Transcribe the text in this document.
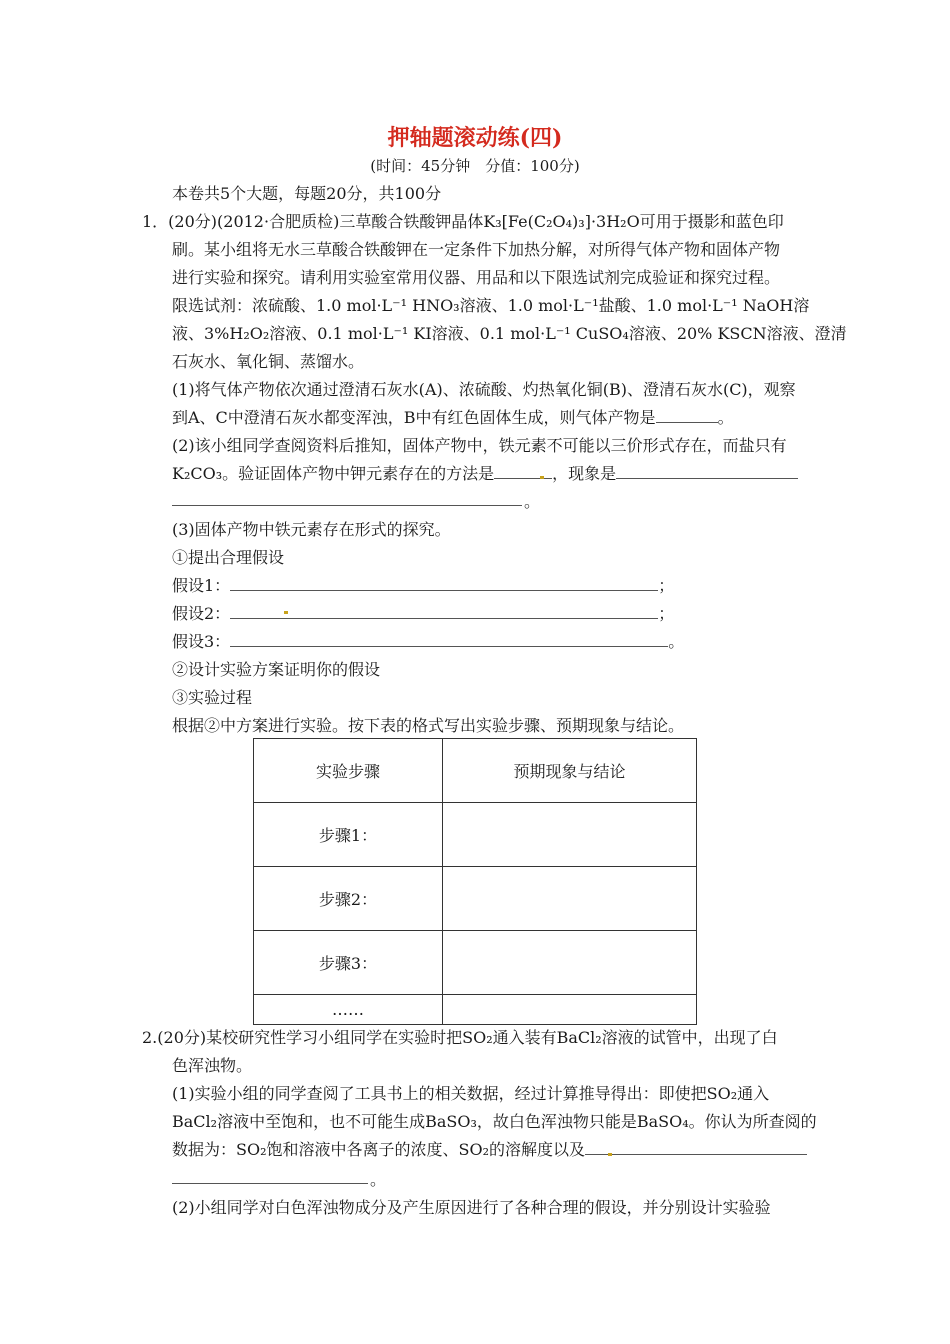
押轴题滚动练(四)
(时间：45分钟　分值：100分)
本卷共5个大题，每题20分，共100分
1．(20分)(2012·合肥质检)三草酸合铁酸钾晶体K₃[Fe(C₂O₄)₃]·3H₂O可用于摄影和蓝色印
刷。某小组将无水三草酸合铁酸钾在一定条件下加热分解，对所得气体产物和固体产物
进行实验和探究。请利用实验室常用仪器、用品和以下限选试剂完成验证和探究过程。
限选试剂：浓硫酸、1.0 mol·L⁻¹ HNO₃溶液、1.0 mol·L⁻¹盐酸、1.0 mol·L⁻¹ NaOH溶
液、3%H₂O₂溶液、0.1 mol·L⁻¹ KI溶液、0.1 mol·L⁻¹ CuSO₄溶液、20% KSCN溶液、澄清
石灰水、氧化铜、蒸馏水。
(1)将气体产物依次通过澄清石灰水(A)、浓硫酸、灼热氧化铜(B)、澄清石灰水(C)，观察
到A、C中澄清石灰水都变浑浊，B中有红色固体生成，则气体产物是	。
(2)该小组同学查阅资料后推知，固体产物中，铁元素不可能以三价形式存在，而盐只有
K₂CO₃。验证固体产物中钾元素存在的方法是	，现象是
。
(3)固体产物中铁元素存在形式的探究。
①提出合理假设
假设1：	；
假设2：	；
假设3：	。
②设计实验方案证明你的假设
③实验过程
根据②中方案进行实验。按下表的格式写出实验步骤、预期现象与结论。
实验步骤	预期现象与结论
步骤1：	
步骤2：	
步骤3：	
……	
2.(20分)某校研究性学习小组同学在实验时把SO₂通入装有BaCl₂溶液的试管中，出现了白
色浑浊物。
(1)实验小组的同学查阅了工具书上的相关数据，经过计算推导得出：即使把SO₂通入
BaCl₂溶液中至饱和，也不可能生成BaSO₃，故白色浑浊物只能是BaSO₄。你认为所查阅的
数据为：SO₂饱和溶液中各离子的浓度、SO₂的溶解度以及
。
(2)小组同学对白色浑浊物成分及产生原因进行了各种合理的假设，并分别设计实验验
